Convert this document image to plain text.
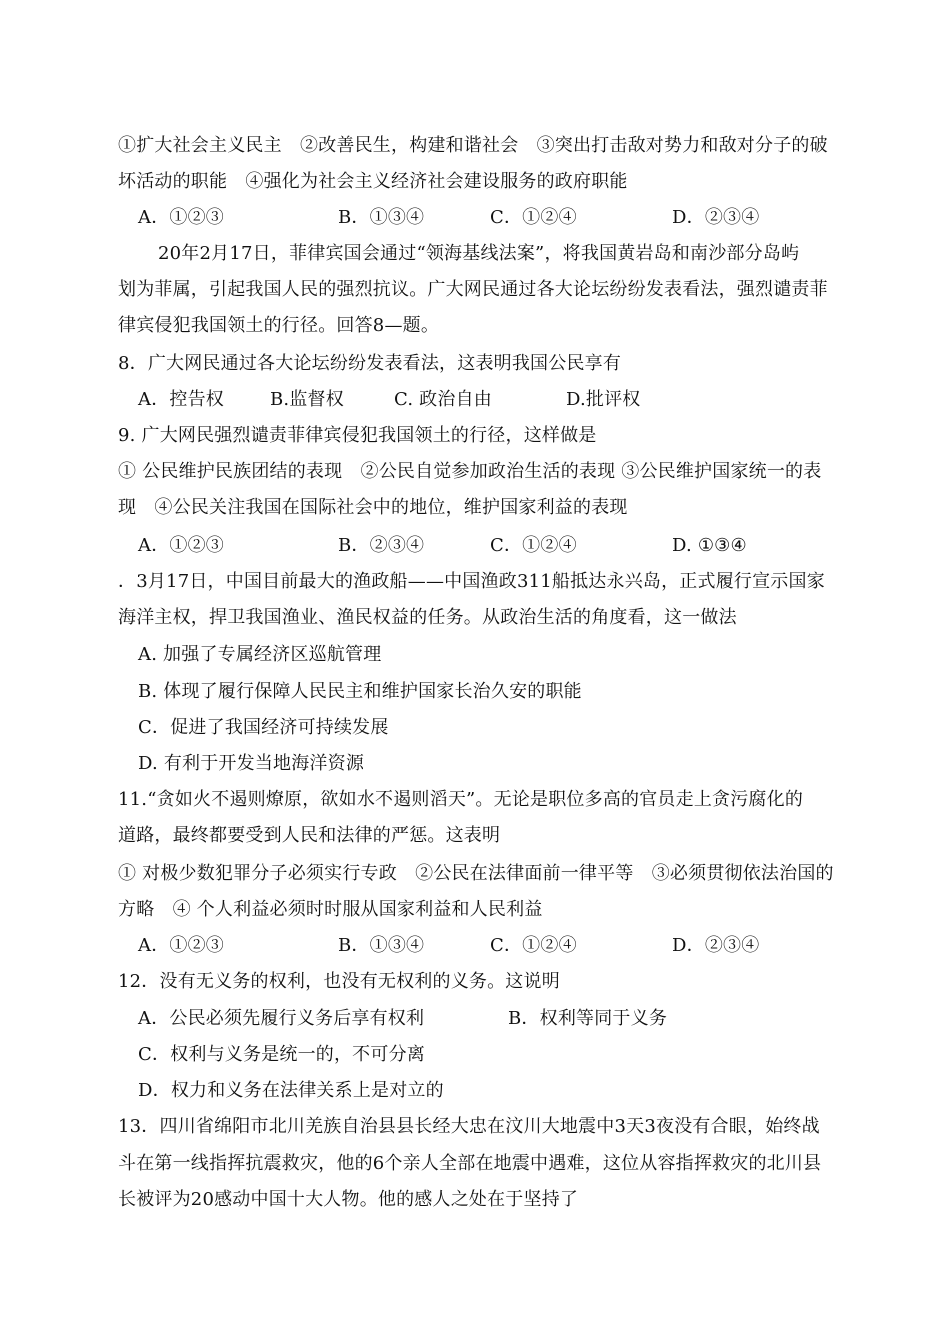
①扩大社会主义民主　②改善民生，构建和谐社会　③突出打击敌对势力和敌对分子的破
坏活动的职能　④强化为社会主义经济社会建设服务的政府职能
A．①②③	B．①③④	C．①②④	D．②③④
20年2月17日，菲律宾国会通过“领海基线法案”，将我国黄岩岛和南沙部分岛屿
划为菲属，引起我国人民的强烈抗议。广大网民通过各大论坛纷纷发表看法，强烈谴责菲
律宾侵犯我国领土的行径。回答8—题。
8．广大网民通过各大论坛纷纷发表看法，这表明我国公民享有
A．控告权	B.监督权	C. 政治自由	D.批评权
9. 广大网民强烈谴责菲律宾侵犯我国领土的行径，这样做是
① 公民维护民族团结的表现　②公民自觉参加政治生活的表现 ③公民维护国家统一的表
现　④公民关注我国在国际社会中的地位，维护国家利益的表现
A．①②③	B．②③④	C．①②④	D. ①③④
．3月17日，中国目前最大的渔政船——中国渔政311船抵达永兴岛，正式履行宣示国家
海洋主权，捍卫我国渔业、渔民权益的任务。从政治生活的角度看，这一做法
A. 加强了专属经济区巡航管理
B. 体现了履行保障人民民主和维护国家长治久安的职能
C．促进了我国经济可持续发展
D. 有利于开发当地海洋资源
11.“贪如火不遏则燎原，欲如水不遏则滔天”。无论是职位多高的官员走上贪污腐化的
道路，最终都要受到人民和法律的严惩。这表明
① 对极少数犯罪分子必须实行专政　②公民在法律面前一律平等　③必须贯彻依法治国的
方略　④ 个人利益必须时时服从国家利益和人民利益
A．①②③	B．①③④	C．①②④	D．②③④
12．没有无义务的权利，也没有无权利的义务。这说明
A．公民必须先履行义务后享有权利	B．权利等同于义务
C．权利与义务是统一的，不可分离
D．权力和义务在法律关系上是对立的
13．四川省绵阳市北川羌族自治县县长经大忠在汶川大地震中3天3夜没有合眼，始终战
斗在第一线指挥抗震救灾，他的6个亲人全部在地震中遇难，这位从容指挥救灾的北川县
长被评为20感动中国十大人物。他的感人之处在于坚持了
